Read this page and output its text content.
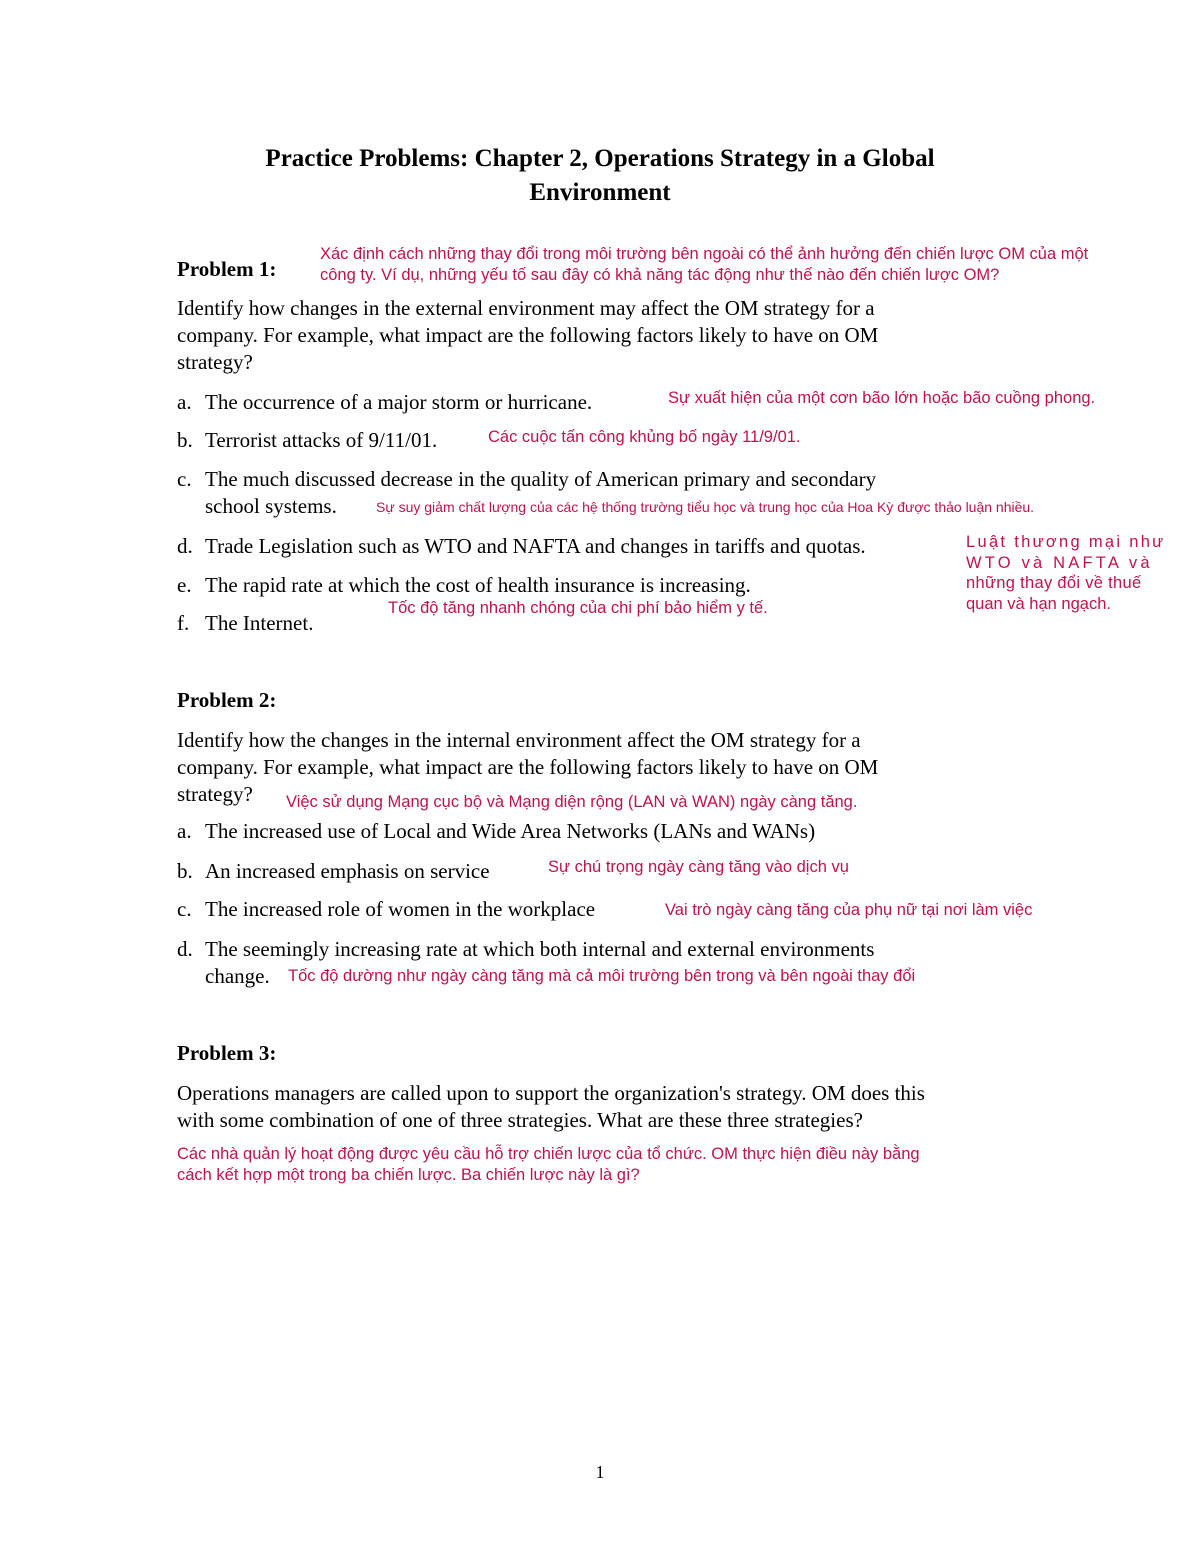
Practice Problems: Chapter 2, Operations Strategy in a Global
Environment
Xác định cách những thay đổi trong môi trường bên ngoài có thể ảnh hưởng đến chiến lược OM của một
công ty. Ví dụ, những yếu tố sau đây có khả năng tác động như thế nào đến chiến lược OM?
Problem 1:
Identify how changes in the external environment may affect the OM strategy for a
company. For example, what impact are the following factors likely to have on OM
strategy?
a. The occurrence of a major storm or hurricane.	Sự xuất hiện của một cơn bão lớn hoặc bão cuồng phong.
b. Terrorist attacks of 9/11/01.	Các cuộc tấn công khủng bố ngày 11/9/01.
c. The much discussed decrease in the quality of American primary and secondary
school systems.	Sự suy giảm chất lượng của các hệ thống trường tiểu học và trung học của Hoa Kỳ được thảo luận nhiều.
d. Trade Legislation such as WTO and NAFTA and changes in tariffs and quotas.	Luật thương mại như
WTO và NAFTA và
những thay đổi về thuế
quan và hạn ngạch.
e. The rapid rate at which the cost of health insurance is increasing.
Tốc độ tăng nhanh chóng của chi phí bảo hiểm y tế.
f. The Internet.
Problem 2:
Identify how the changes in the internal environment affect the OM strategy for a
company. For example, what impact are the following factors likely to have on OM
strategy?	Việc sử dụng Mạng cục bộ và Mạng diện rộng (LAN và WAN) ngày càng tăng.
a. The increased use of Local and Wide Area Networks (LANs and WANs)
b. An increased emphasis on service	Sự chú trọng ngày càng tăng vào dịch vụ
c. The increased role of women in the workplace	Vai trò ngày càng tăng của phụ nữ tại nơi làm việc
d. The seemingly increasing rate at which both internal and external environments
change. Tốc độ dường như ngày càng tăng mà cả môi trường bên trong và bên ngoài thay đổi
Problem 3:
Operations managers are called upon to support the organization's strategy. OM does this
with some combination of one of three strategies. What are these three strategies?
Các nhà quản lý hoạt động được yêu cầu hỗ trợ chiến lược của tổ chức. OM thực hiện điều này bằng
cách kết hợp một trong ba chiến lược. Ba chiến lược này là gì?
1
